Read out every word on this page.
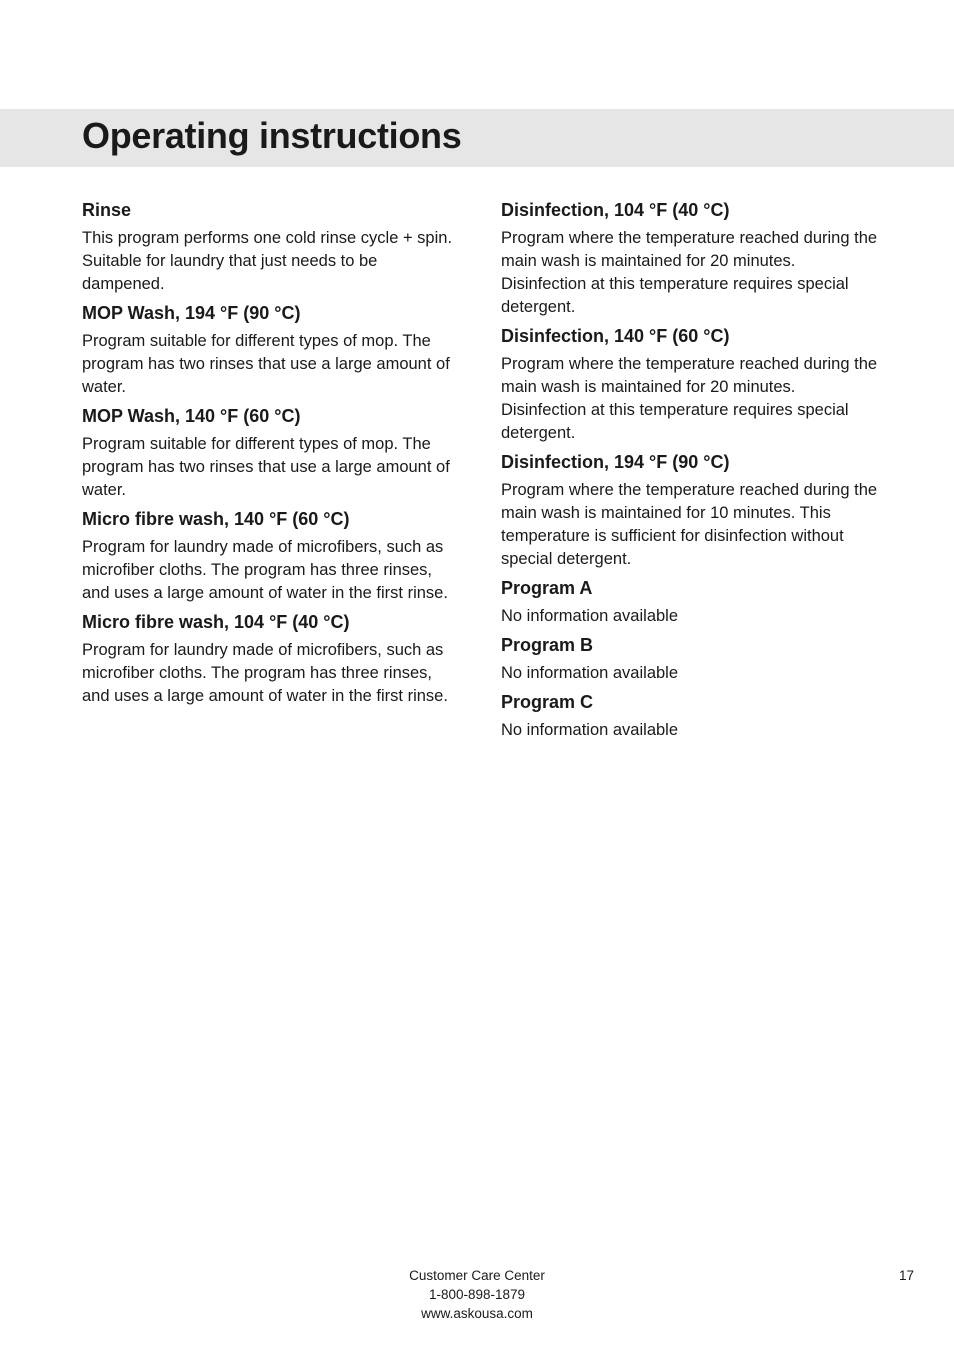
Operating instructions
Rinse

This program performs one cold rinse cycle + spin. Suitable for laundry that just needs to be dampened.

MOP Wash, 194 °F (90 °C)

Program suitable for different types of mop. The program has two rinses that use a large amount of water.

MOP Wash, 140 °F (60 °C)

Program suitable for different types of mop. The program has two rinses that use a large amount of water.

Micro fibre wash, 140 °F (60 °C)

Program for laundry made of microfibers, such as microfiber cloths. The program has three rinses, and uses a large amount of water in the first rinse.

Micro fibre wash, 104 °F (40 °C)

Program for laundry made of microfibers, such as microfiber cloths. The program has three rinses, and uses a large amount of water in the first rinse.

Disinfection, 104 °F (40 °C)

Program where the temperature reached during the main wash is maintained for 20 minutes. Disinfection at this temperature requires special detergent.

Disinfection, 140 °F (60 °C)

Program where the temperature reached during the main wash is maintained for 20 minutes. Disinfection at this temperature requires special detergent.

Disinfection, 194 °F (90 °C)

Program where the temperature reached during the main wash is maintained for 10 minutes. This temperature is sufficient for disinfection without special detergent.

Program A

No information available

Program B

No information available

Program C

No information available

Customer Care Center
1-800-898-1879
www.askousa.com
17
